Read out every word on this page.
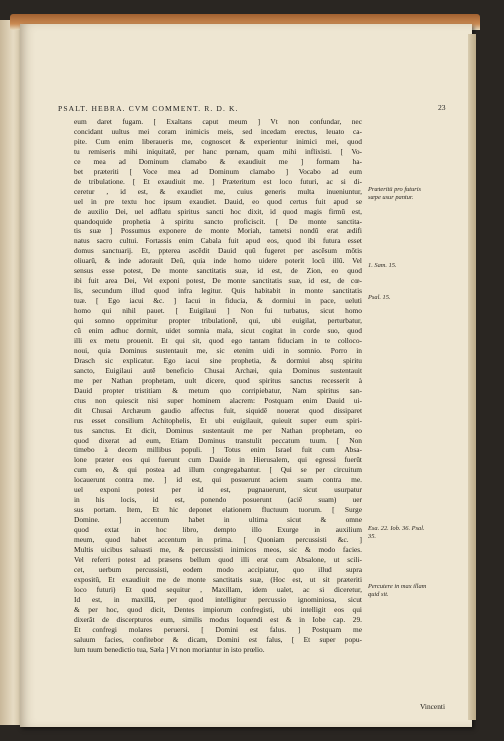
PSALT. HEBRA. CVM COMMENT. R. D. K.	23
eum daret fugam. [ Exaltans caput meum ] Vt non confundar, nec
concidant uultus mei coram inimicis meis, sed incedam erectus, leuato ca-
pite. Cum enim liberaueris me, cognoscet & experientur inimici mei, quod
tu remiseris mihi iniquitatē, per hanc pœnam, quam mihi inflixisti. [ Vo-
ce mea ad Dominum clamabo & exaudiuit me ] formam ha-
bet præteriti [ Voce mea ad Dominum clamabo ] Vocabo ad eum
de tribulatione. [ Et exaudiuit me. ] Præteritum est loco futuri, ac si di-
ceretur , id est, & exaudiet me, cuius generis multa inueniuntur,
uel in pre textu hoc ipsum exaudiet. Dauid, eo quod certus fuit apud se
de auxilio Dei, uel adflatu spiritus sancti hoc dixit, id quod magis firmū est,
quandoquide prophetia à spiritu sancto proficiscit. [ De monte sanctita-
tis suæ ] Possumus exponere de monte Moriah, tametsi nondū erat ædifi
natus sacro cultui. Fortassis enim Cabala fuit apud eos, quod ibi futura esset
domus sanctuarij. Et, ppterea ascēdit Dauid quū fugeret per ascēsum mōtis
oliuarū, & inde adorauit Deū, quia inde homo uidere poterit locū illū. Vel
sensus esse potest, De monte sanctitatis suæ, id est, de Zion, eo quod
ibi fuit area Dei, Vel exponi potest, De monte sanctitatis suæ, id est, de cœ-
lis, secundum illud quod infra legitur. Quis habitabit in monte sanctitatis
tuæ. [ Ego iacui &c. ] Iacui in fiducia, & dormiui in pace, ueluti
homo qui nihil pauet. [ Euigilaui ] Non fui turbatus, sicut homo
qui somno opprimitur propter tribulationē, qui, ubi euigilat, perturbatur,
cū enim adhuc dormit, uidet somnia mala, sicut cogitat in corde suo, quod
illi ex metu prouenit. Et qui sit, quod ego tantam fiduciam in te colloco-
noui, quia Dominus sustentauit me, sic etenim uidi in somnio. Porro in
Drasch sic explicatur. Ego iacui sine prophetia, & dormiui absq spiritu
sancto, Euigilaui autē beneficio Chusai Archæi, quia Dominus sustentauit
me per Nathan prophetam, uult dicere, quod spiritus sanctus recesserit à
Dauid propter tristitiam & metum quo corripiebatur, Nam spiritus san-
ctus non quiescit nisi super hominem alacrem: Postquam enim Dauid ui-
dit Chusai Archæum gaudio affectus fuit, siquidē nouerat quod dissiparet
rus esset consilium Achitophelis, Et ubi euigilauit, quieuit super eum spiri-
tus sanctus. Et dicit, Dominus sustentauit me per Nathan prophetam, eo
quod dixerat ad eum, Etiam Dominus transtulit peccatum tuum. [ Non
timebo à decem millibus populi. ] Totus enim Israel fuit cum Absa-
lone præter eos qui fuerunt cum Dauide in Hierusalem, qui egressi fuerūt
cum eo, & qui postea ad illum congregabantur. [ Qui se per circuitum
locauerunt contra me. ] id est, qui posuerunt aciem suam contra me.
uel exponi potest per id est, pugnauerunt, sicut usurpatur
in his locis, id est, ponendo posuerunt (aciē suam) uer
sus portam. Item, Et hic deponet elationem fluctuum tuorum. [ Surge
Domine. ] accentum habet in ultima sicut & omne
quod extat in hoc libro, dempto illo Exurge in auxilium
meum, quod habet accentum in prima. [ Quoniam percussisti &c. ]
Multis uicibus saluasti me, & percussisti inimicos meos, sic & modo facies.
Vel referri potest ad præsens bellum quod illi erat cum Absalone, ut scili-
cet, uerbum percussisti, eodem modo accipiatur, quo illud supra
expositū, Et exaudiuit me de monte sanctitatis suæ, (Hoc est, ut sit præteriti
loco futuri) Et quod sequitur , Maxillam, idem ualet, ac si diceretur,
Id est, in maxillā, per quod intelligitur percussio ignominiosa, sicut
& per hoc, quod dicit, Dentes impiorum confregisti, ubi intelligit eos qui
dixerāt de discerpturos eum, similis modus loquendi est & in Iobe cap. 29.
Et confregi molares peruersi. [ Domini est falus. ] Postquam me
saluum facies, confitebor & dicam, Domini est falus, [ Et super popu-
lum tuum benedictio tua, Sæla ] Vt non moriantur in isto prœlio.
Præteritū pro futuris sæpe usur pantur.
1. Sam. 15.
Psal. 15.
Esa. 22. Iob. 36. Psal. 35.
Percutere in max illam quid sit.
Vincenti
